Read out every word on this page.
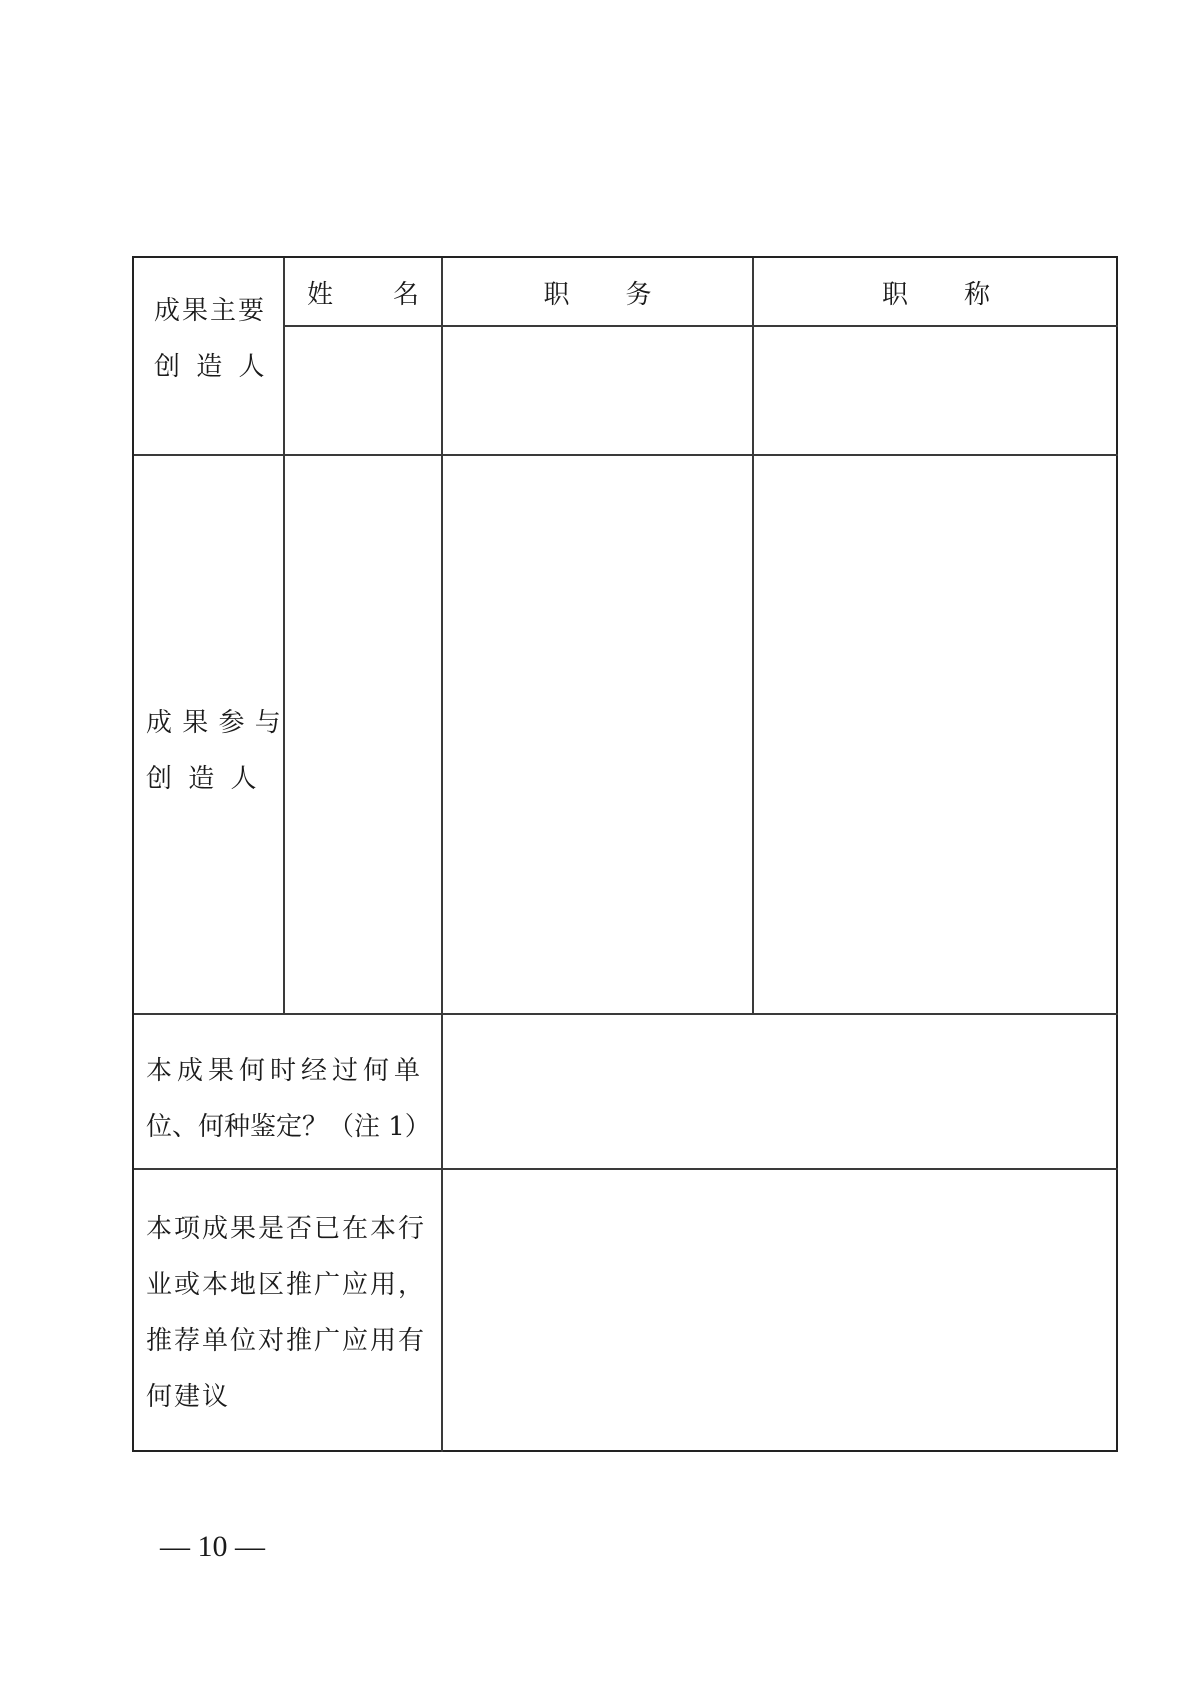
姓 名	职 务	职 称
成果主要
创 造 人
成 果 参 与
创 造 人
本成果何时经过何单
位、何种鉴定？（注 1）
本项成果是否已在本行
业或本地区推广应用，
推荐单位对推广应用有
何建议
— 10 —
